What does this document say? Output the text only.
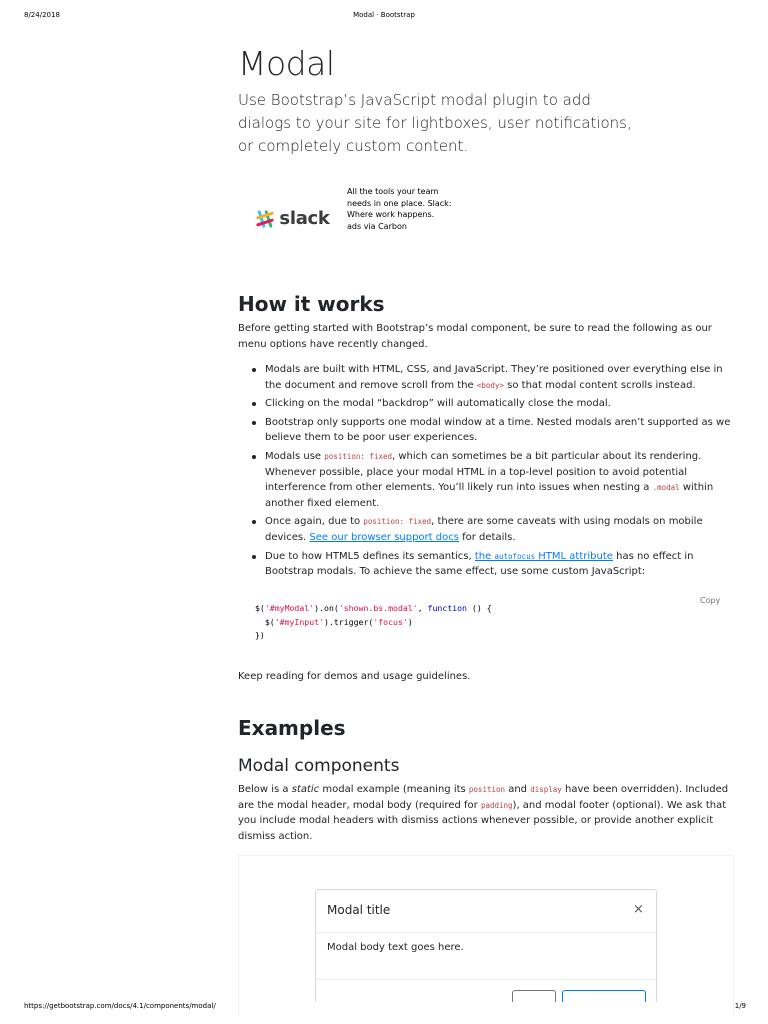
8/24/2018	Modal · Bootstrap
Modal

Use Bootstrap’s JavaScript modal plugin to add dialogs to your site for lightboxes, user notifications, or completely custom content.

slack
All the tools your team needs in one place. Slack: Where work happens.
ads via Carbon
How it works

Before getting started with Bootstrap’s modal component, be sure to read the following as our menu options have recently changed.

Modals are built with HTML, CSS, and JavaScript. They’re positioned over everything else in the document and remove scroll from the <body> so that modal content scrolls instead.
Clicking on the modal “backdrop” will automatically close the modal.
Bootstrap only supports one modal window at a time. Nested modals aren’t supported as we believe them to be poor user experiences.
Modals use position: fixed, which can sometimes be a bit particular about its rendering. Whenever possible, place your modal HTML in a top-level position to avoid potential interference from other elements. You’ll likely run into issues when nesting a .modal within another fixed element.
Once again, due to position: fixed, there are some caveats with using modals on mobile devices. See our browser support docs for details.
Due to how HTML5 defines its semantics, the autofocus HTML attribute has no effect in Bootstrap modals. To achieve the same effect, use some custom JavaScript:
Copy
$('#myModal').on('shown.bs.modal', function () {
$('#myInput').trigger('focus')
})

Keep reading for demos and usage guidelines.

Examples
Modal components

Below is a static modal example (meaning its position and display have been overridden). Included are the modal header, modal body (required for padding), and modal footer (optional). We ask that you include modal headers with dismiss actions whenever possible, or provide another explicit dismiss action.

Modal title	×
Modal body text goes here.
https://getbootstrap.com/docs/4.1/components/modal/	1/9
